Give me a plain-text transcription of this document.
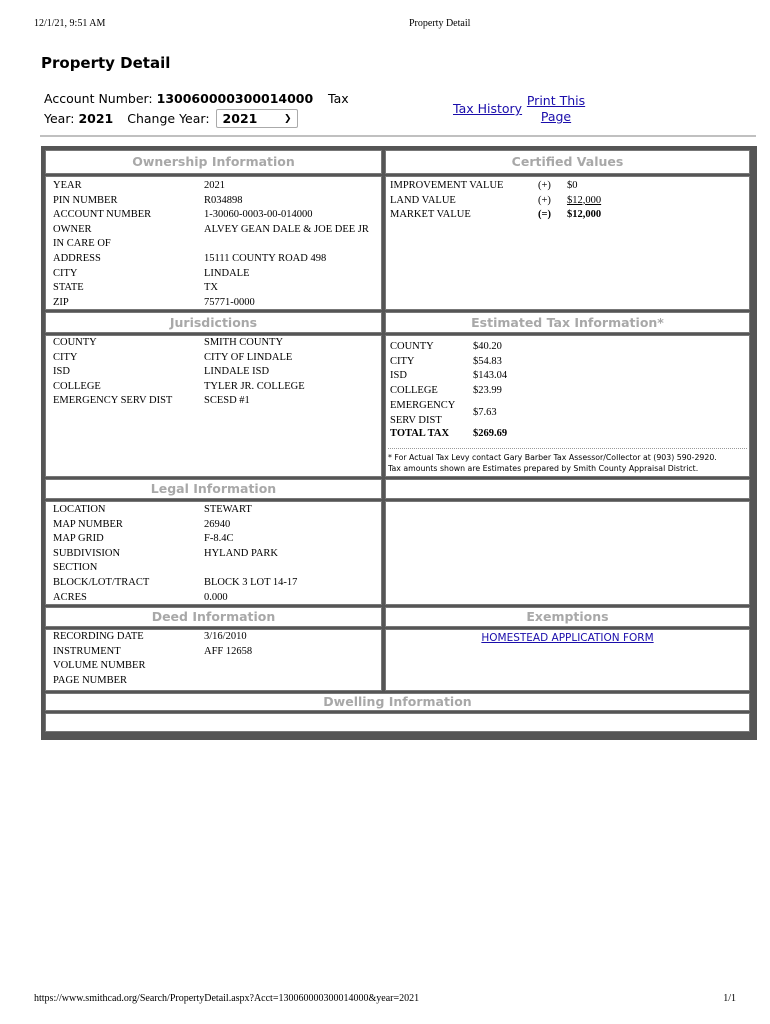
12/1/21, 9:51 AM	Property Detail
Property Detail
Account Number: 130060000300014000 Tax
Year:
2021 Change Year: 2021	❯
Tax History
Print This
Page
Ownership Information
YEAR	2021
PIN NUMBER	R034898
ACCOUNT NUMBER	1-30060-0003-00-014000
OWNER	ALVEY GEAN DALE & JOE DEE JR
IN CARE OF
ADDRESS	15111 COUNTY ROAD 498
CITY	LINDALE
STATE	TX
ZIP	75771-0000
Certified Values
IMPROVEMENT VALUE	(+) $0
LAND VALUE	(+) $12,000
MARKET VALUE	(=) $12,000
Jurisdictions
COUNTY	SMITH COUNTY
CITY	CITY OF LINDALE
ISD	LINDALE ISD
COLLEGE	TYLER JR. COLLEGE
EMERGENCY SERV DIST	SCESD #1
Estimated Tax Information*
COUNTY	$40.20
CITY	$54.83
ISD	$143.04
COLLEGE	$23.99
EMERGENCY
SERV DIST
$7.63
TOTAL TAX $269.69
* For Actual Tax Levy contact Gary Barber Tax Assessor/Collector at (903) 590-2920.
Tax amounts shown are Estimates prepared by Smith County Appraisal District.
Legal Information
LOCATION	STEWART
MAP NUMBER	26940
MAP GRID	F-8.4C
SUBDIVISION	HYLAND PARK
SECTION
BLOCK/LOT/TRACT	BLOCK 3 LOT 14-17
ACRES	0.000
Deed Information
RECORDING DATE	3/16/2010
INSTRUMENT	AFF 12658
VOLUME NUMBER
PAGE NUMBER
Exemptions
HOMESTEAD APPLICATION FORM
Dwelling Information
https://www.smithcad.org/Search/PropertyDetail.aspx?Acct=130060000300014000&year=2021	1/1
